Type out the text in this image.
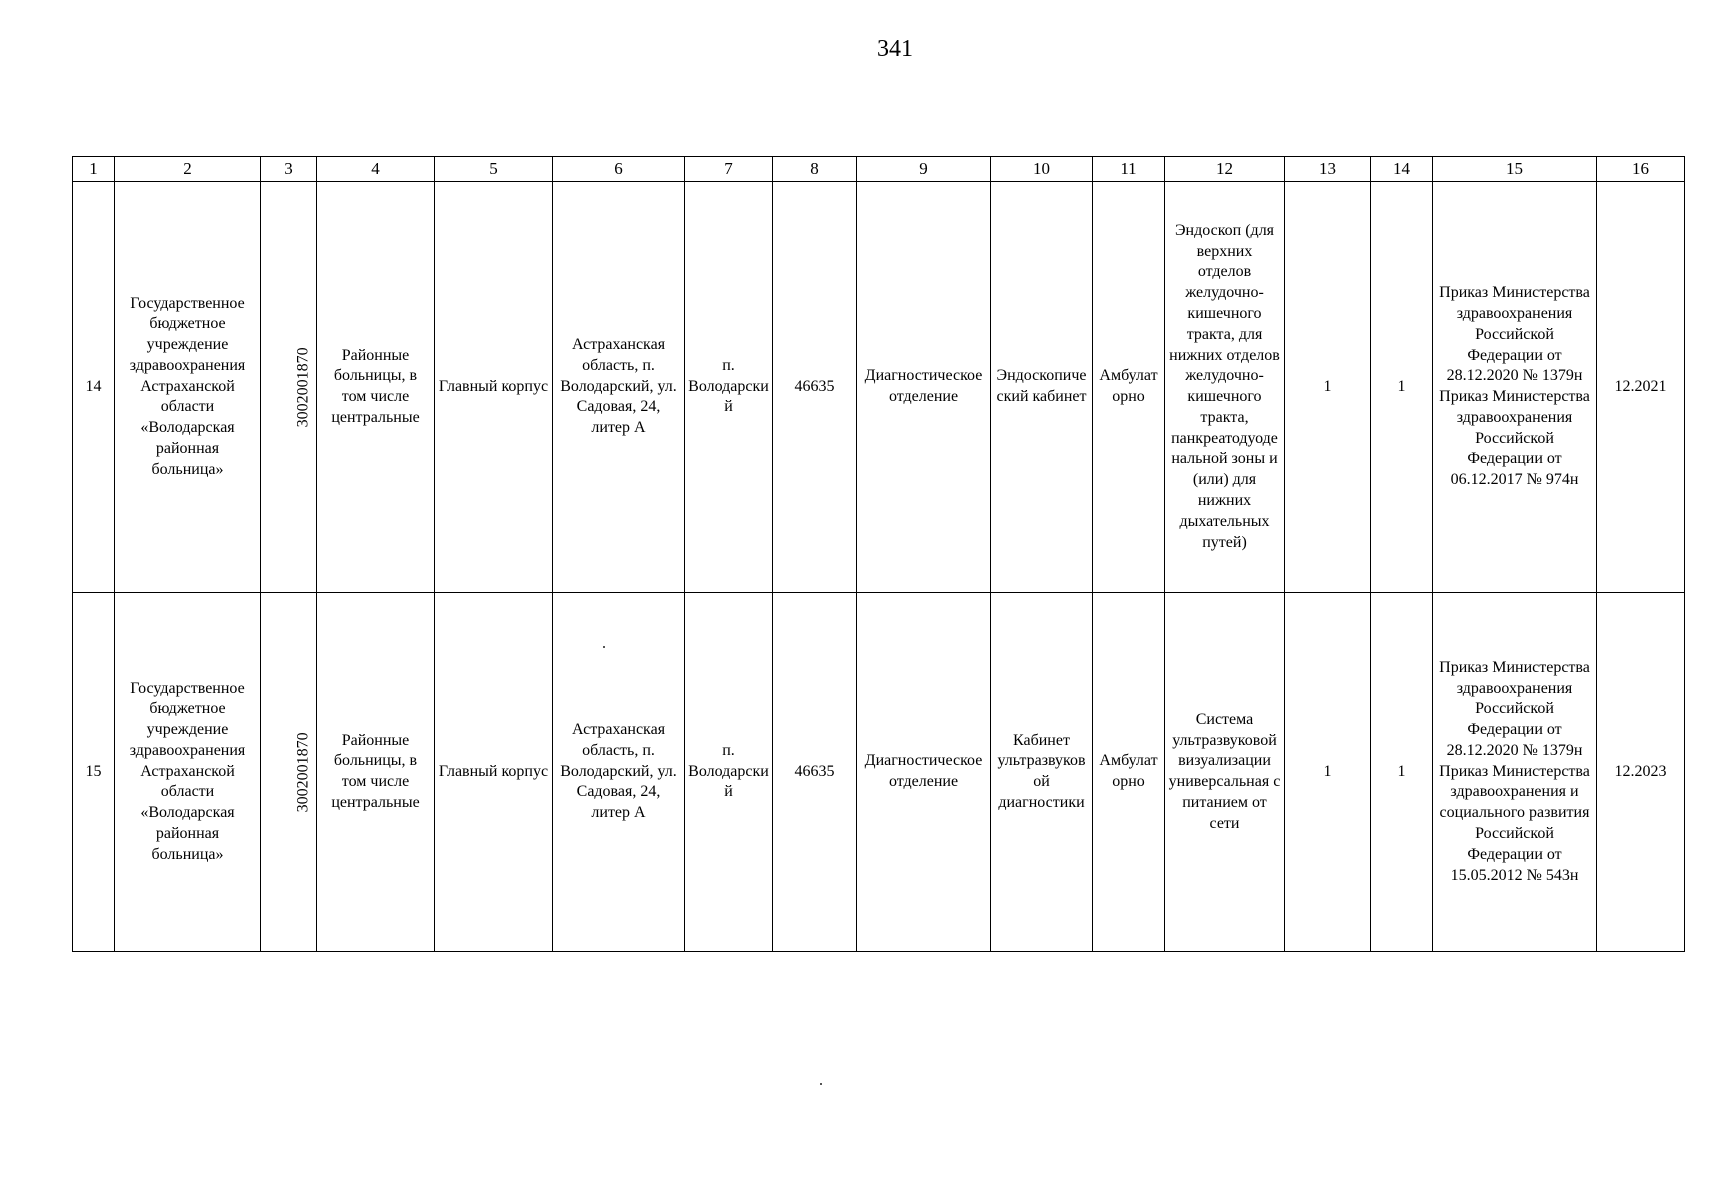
341
1	2	3	4	5	6	7	8	9	10	11	12	13	14	15	16
14	Государственное бюджетное учреждение здравоохранения Астраханской области «Володарская районная больница»	3002001870	Районные больницы, в том числе центральные	Главный корпус	Астраханская область, п. Володарский, ул. Садовая, 24, литер А	п. Володарский	46635	Диагностическое отделение	Эндоскопический кабинет	Амбулаторно	Эндоскоп (для верхних отделов желудочно-кишечного тракта, для нижних отделов желудочно-кишечного тракта, панкреатодуоденальной зоны и (или) для нижних дыхательных путей)	1	1	Приказ Министерства здравоохранения Российской Федерации от 28.12.2020 № 1379н Приказ Министерства здравоохранения Российской Федерации от 06.12.2017 № 974н	12.2021
15	Государственное бюджетное учреждение здравоохранения Астраханской области «Володарская районная больница»	3002001870	Районные больницы, в том числе центральные	Главный корпус	Астраханская область, п. Володарский, ул. Садовая, 24, литер А	п. Володарский	46635	Диагностическое отделение	Кабинет ультразвуковой диагностики	Амбулаторно	Система ультразвуковой визуализации универсальная с питанием от сети	1	1	Приказ Министерства здравоохранения Российской Федерации от 28.12.2020 № 1379н Приказ Министерства здравоохранения и социального развития Российской Федерации от 15.05.2012 № 543н	12.2023
